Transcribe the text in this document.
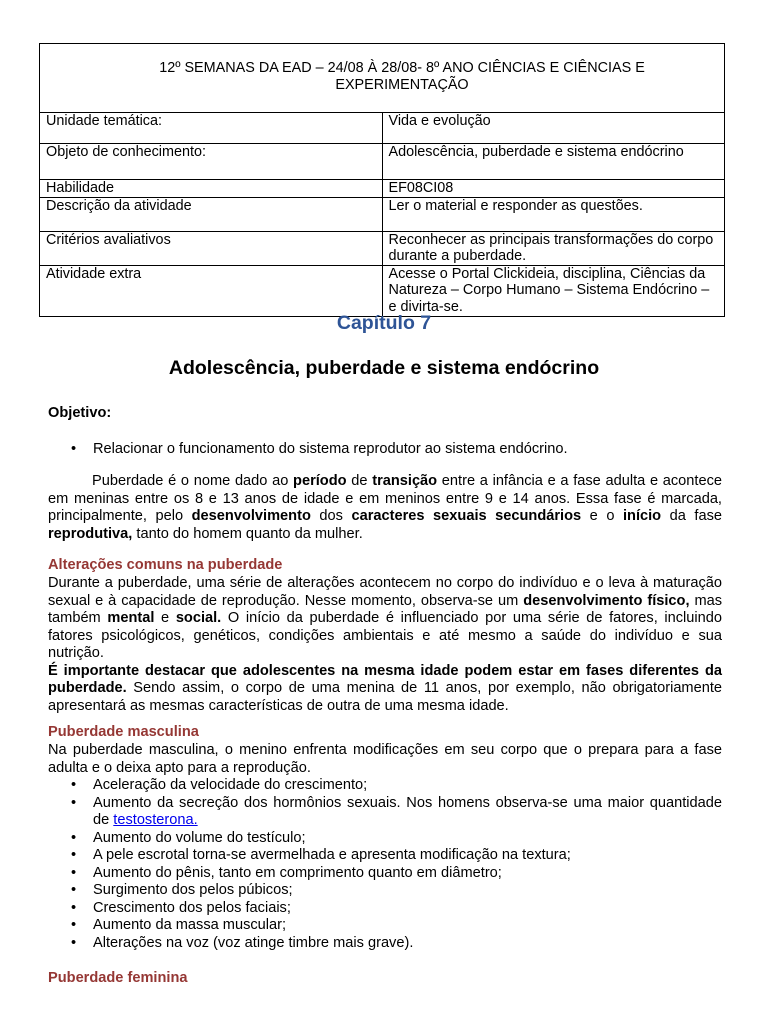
12º SEMANAS DA EAD – 24/08 À 28/08- 8º ANO CIÊNCIAS E CIÊNCIAS E
EXPERIMENTAÇÃO	

Unidade temática:	Vida e evolução
Objeto de conhecimento:	Adolescência, puberdade e sistema endócrino
Habilidade	EF08CI08
Descrição da atividade	Ler o material e responder as questões.
Critérios avaliativos	Reconhecer as principais transformações do corpo durante a puberdade.
Atividade extra	Acesse o Portal Clickideia, disciplina, Ciências da Natureza – Corpo Humano – Sistema Endócrino – e divirta-se.
Capítulo 7
Adolescência, puberdade e sistema endócrino
Objetivo:
• Relacionar o funcionamento do sistema reprodutor ao sistema endócrino.
Puberdade é o nome dado ao período de transição entre a infância e a fase adulta e acontece em meninas entre os 8 e 13 anos de idade e em meninos entre 9 e 14 anos. Essa fase é marcada, principalmente, pelo desenvolvimento dos caracteres sexuais secundários e o início da fase reprodutiva, tanto do homem quanto da mulher.
Alterações comuns na puberdade
Durante a puberdade, uma série de alterações acontecem no corpo do indivíduo e o leva à maturação sexual e à capacidade de reprodução. Nesse momento, observa-se um desenvolvimento físico, mas também mental e social. O início da puberdade é influenciado por uma série de fatores, incluindo fatores psicológicos, genéticos, condições ambientais e até mesmo a saúde do indivíduo e sua nutrição.
É importante destacar que adolescentes na mesma idade podem estar em fases diferentes da puberdade. Sendo assim, o corpo de uma menina de 11 anos, por exemplo, não obrigatoriamente apresentará as mesmas características de outra de uma mesma idade.
Puberdade masculina
Na puberdade masculina, o menino enfrenta modificações em seu corpo que o prepara para a fase adulta e o deixa apto para a reprodução.
• Aceleração da velocidade do crescimento;
• Aumento da secreção dos hormônios sexuais. Nos homens observa-se uma maior quantidade de testosterona.
• Aumento do volume do testículo;
• A pele escrotal torna-se avermelhada e apresenta modificação na textura;
• Aumento do pênis, tanto em comprimento quanto em diâmetro;
• Surgimento dos pelos púbicos;
• Crescimento dos pelos faciais;
• Aumento da massa muscular;
• Alterações na voz (voz atinge timbre mais grave).
Puberdade feminina
